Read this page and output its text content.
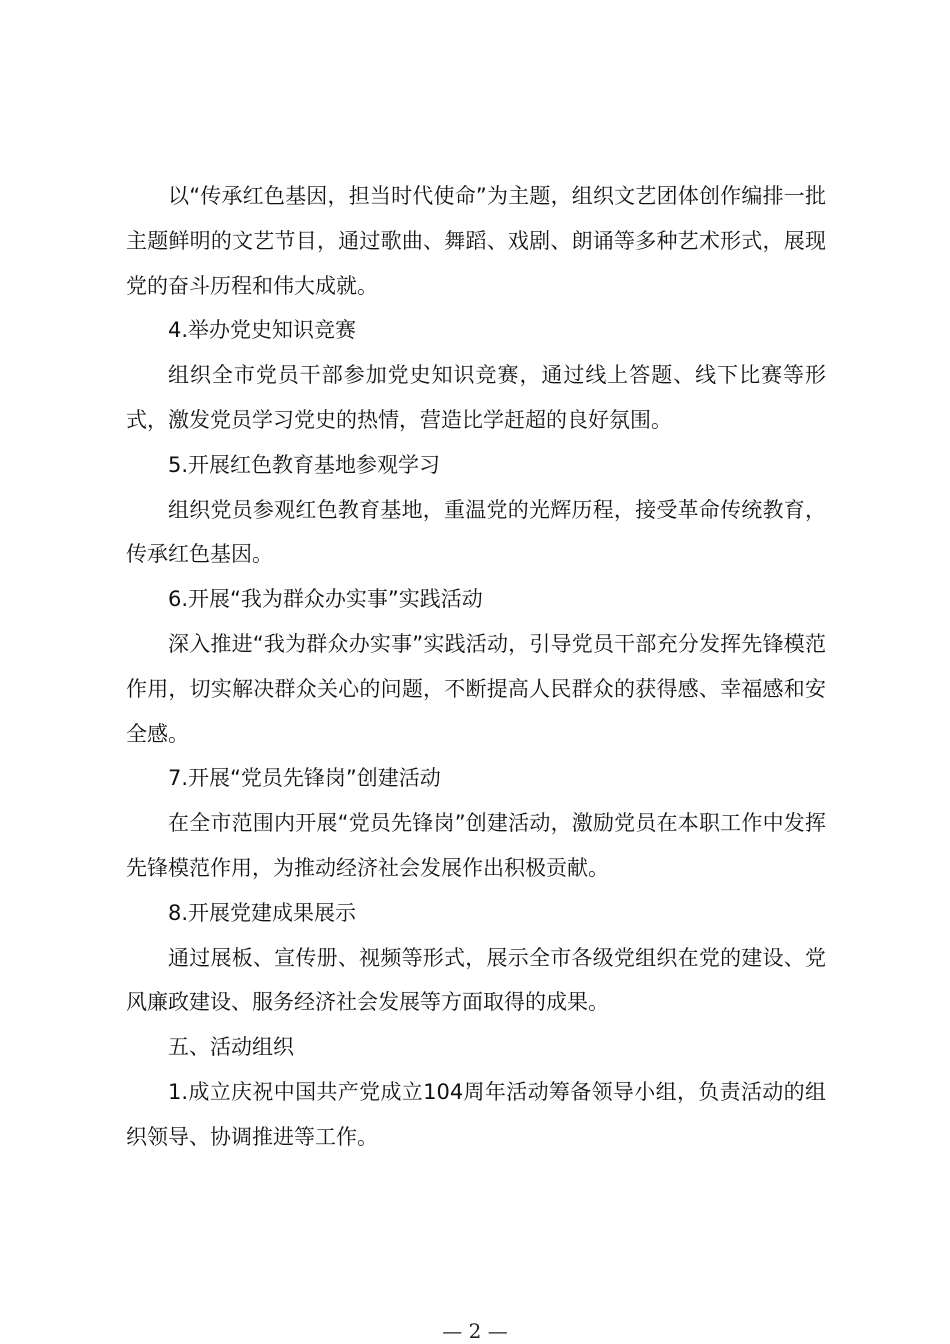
以“传承红色基因，担当时代使命”为主题，组织文艺团体创作编排一批主题鲜明的文艺节目，通过歌曲、舞蹈、戏剧、朗诵等多种艺术形式，展现党的奋斗历程和伟大成就。

4.举办党史知识竞赛

组织全市党员干部参加党史知识竞赛，通过线上答题、线下比赛等形式，激发党员学习党史的热情，营造比学赶超的良好氛围。

5.开展红色教育基地参观学习

组织党员参观红色教育基地，重温党的光辉历程，接受革命传统教育，传承红色基因。

6.开展“我为群众办实事”实践活动

深入推进“我为群众办实事”实践活动，引导党员干部充分发挥先锋模范作用，切实解决群众关心的问题，不断提高人民群众的获得感、幸福感和安全感。

7.开展“党员先锋岗”创建活动

在全市范围内开展“党员先锋岗”创建活动，激励党员在本职工作中发挥先锋模范作用，为推动经济社会发展作出积极贡献。

8.开展党建成果展示

通过展板、宣传册、视频等形式，展示全市各级党组织在党的建设、党风廉政建设、服务经济社会发展等方面取得的成果。

五、活动组织

1.成立庆祝中国共产党成立104周年活动筹备领导小组，负责活动的组织领导、协调推进等工作。

— 2 —
